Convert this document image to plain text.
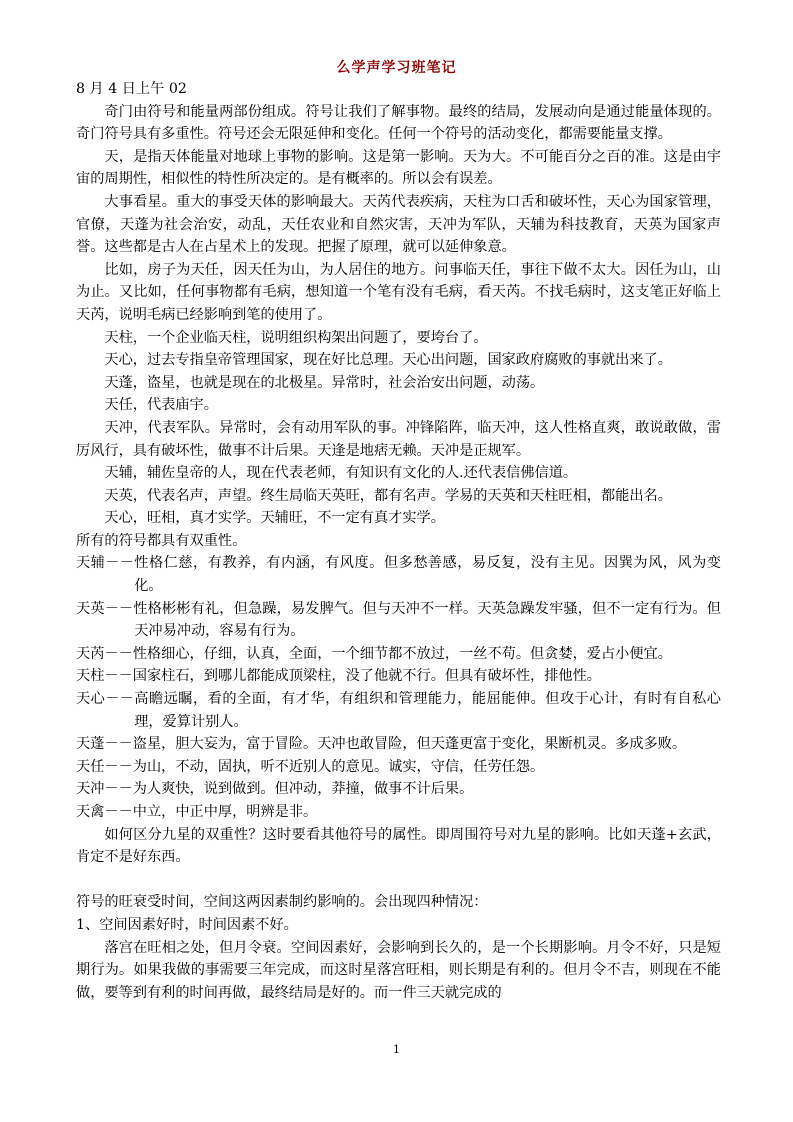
么学声学习班笔记

8 月 4 日上午 02

奇门由符号和能量两部份组成。符号让我们了解事物。最终的结局，发展动向是通过能量体现的。奇门符号具有多重性。符号还会无限延伸和变化。任何一个符号的活动变化，都需要能量支撑。

天，是指天体能量对地球上事物的影响。这是第一影响。天为大。不可能百分之百的准。这是由宇宙的周期性，相似性的特性所决定的。是有概率的。所以会有误差。

大事看星。重大的事受天体的影响最大。天芮代表疾病，天柱为口舌和破坏性，天心为国家管理，官僚，天蓬为社会治安，动乱，天任农业和自然灾害，天冲为军队，天辅为科技教育，天英为国家声誉。这些都是古人在占星术上的发现。把握了原理，就可以延伸象意。

比如，房子为天任，因天任为山，为人居住的地方。问事临天任，事往下做不太大。因任为山，山为止。又比如，任何事物都有毛病，想知道一个笔有没有毛病，看天芮。不找毛病时，这支笔正好临上天芮，说明毛病已经影响到笔的使用了。

天柱，一个企业临天柱，说明组织构架出问题了，要垮台了。

天心，过去专指皇帝管理国家，现在好比总理。天心出问题，国家政府腐败的事就出来了。

天蓬，盗星，也就是现在的北极星。异常时，社会治安出问题，动荡。

天任，代表庙宇。

天冲，代表军队。异常时，会有动用军队的事。冲锋陷阵，临天冲，这人性格直爽，敢说敢做，雷厉风行，具有破坏性，做事不计后果。天逢是地痞无赖。天冲是正规军。

天辅，辅佐皇帝的人，现在代表老师，有知识有文化的人.还代表信佛信道。

天英，代表名声，声望。终生局临天英旺，都有名声。学易的天英和天柱旺相，都能出名。

天心，旺相，真才实学。天辅旺，不一定有真才实学。

所有的符号都具有双重性。

天辅－－性格仁慈，有教养，有内涵，有风度。但多愁善感，易反复，没有主见。因巽为风，风为变化。

天英－－性格彬彬有礼，但急躁，易发脾气。但与天冲不一样。天英急躁发牢骚，但不一定有行为。但天冲易冲动，容易有行为。

天芮－－性格细心，仔细，认真，全面，一个细节都不放过，一丝不苟。但贪婪，爱占小便宜。

天柱－－国家柱石，到哪儿都能成顶梁柱，没了他就不行。但具有破坏性，排他性。

天心－－高瞻远瞩，看的全面，有才华，有组织和管理能力，能屈能伸。但攻于心计，有时有自私心理，爱算计别人。

天蓬－－盗星，胆大妄为，富于冒险。天冲也敢冒险，但天蓬更富于变化，果断机灵。多成多败。

天任－－为山，不动，固执，听不近别人的意见。诚实，守信，任劳任怨。

天冲－－为人爽快，说到做到。但冲动，莽撞，做事不计后果。

天禽－－中立，中正中厚，明辨是非。

如何区分九星的双重性？这时要看其他符号的属性。即周围符号对九星的影响。比如天蓬+玄武，肯定不是好东西。

符号的旺衰受时间，空间这两因素制约影响的。会出现四种情况：

1、空间因素好时，时间因素不好。

落宫在旺相之处，但月令衰。空间因素好，会影响到长久的，是一个长期影响。月令不好，只是短期行为。如果我做的事需要三年完成，而这时星落宫旺相，则长期是有利的。但月令不吉，则现在不能做，要等到有利的时间再做，最终结局是好的。而一件三天就完成的

1
